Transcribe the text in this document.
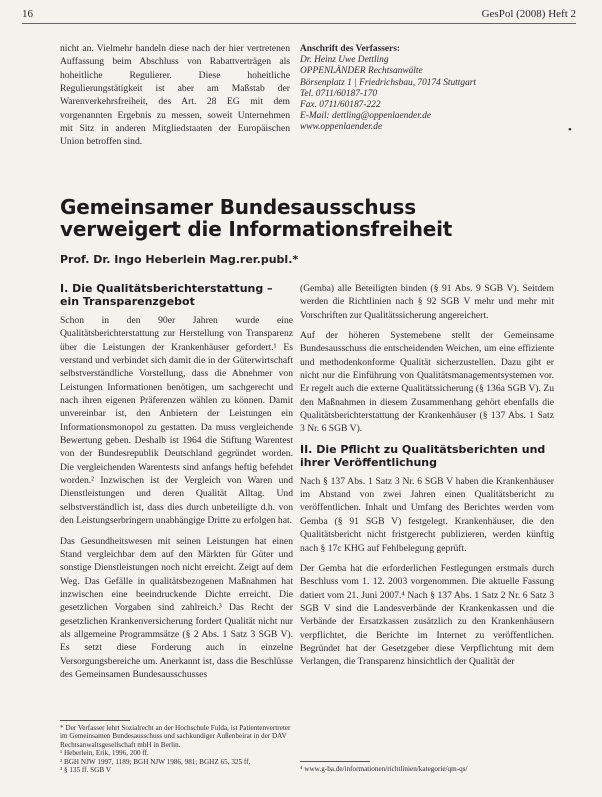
16	GesPol (2008) Heft 2

nicht an. Vielmehr handeln diese nach der hier vertretenen Auffassung beim Abschluss von Rabattverträgen als hoheitliche Regulierer. Diese hoheitliche Regulierungstätigkeit ist aber am Maßstab der Warenverkehrsfreiheit, des Art. 28 EG mit dem vorgenannten Ergebnis zu messen, soweit Unternehmen mit Sitz in anderen Mitgliedstaaten der Europäischen Union betroffen sind.

Anschrift des Verfassers:
Dr. Heinz Uwe Dettling
OPPENLÄNDER Rechtsanwälte
Börsenplatz 1 | Friedrichsbau, 70174 Stuttgart
Tel. 0711/60187-170
Fax. 0711/60187-222
E-Mail: dettling@oppenlaender.de
www.oppenlaender.de	•
Gemeinsamer Bundesausschuss verweigert die Informationsfreiheit
Prof. Dr. Ingo Heberlein Mag.rer.publ.*
I. Die Qualitätsberichterstattung – ein Transparenzgebot

Schon in den 90er Jahren wurde eine Qualitätsberichterstattung zur Herstellung von Transparenz über die Leistungen der Krankenhäuser gefordert.¹ Es verstand und verbindet sich damit die in der Güterwirtschaft selbstverständliche Vorstellung, dass die Abnehmer von Leistungen Informationen benötigen, um sachgerecht und nach ihren eigenen Präferenzen wählen zu können. Damit unvereinbar ist, den Anbietern der Leistungen ein Informationsmonopol zu gestatten. Da muss vergleichende Bewertung geben. Deshalb ist 1964 die Stiftung Warentest von der Bundesrepublik Deutschland gegründet worden. Die vergleichenden Warentests sind anfangs heftig befehdet worden.² Inzwischen ist der Vergleich von Waren und Dienstleistungen und deren Qualität Alltag. Und selbstverständlich ist, dass dies durch unbeteiligte d.h. von den Leistungserbringern unabhängige Dritte zu erfolgen hat.

Das Gesundheitswesen mit seinen Leistungen hat einen Stand vergleichbar dem auf den Märkten für Güter und sonstige Dienstleistungen noch nicht erreicht. Zeigt auf dem Weg. Das Gefälle in qualitätsbezogenen Maßnahmen hat inzwischen eine beeindruckende Dichte erreicht. Die gesetzlichen Vorgaben sind zahlreich.³ Das Recht der gesetzlichen Krankenversicherung fordert Qualität nicht nur als allgemeine Programmsätze (§ 2 Abs. 1 Satz 3 SGB V). Es setzt diese Forderung auch in einzelne Versorgungsbereiche um. Anerkannt ist, dass die Beschlüsse des Gemeinsamen Bundesausschusses

(Gemba) alle Beteiligten binden (§ 91 Abs. 9 SGB V). Seitdem werden die Richtlinien nach § 92 SGB V mehr und mehr mit Vorschriften zur Qualitätssicherung angereichert.

Auf der höheren Systemebene stellt der Gemeinsame Bundesausschuss die entscheidenden Weichen, um eine effiziente und methodenkonforme Qualität sicherzustellen. Dazu gibt er nicht nur die Einführung von Qualitätsmanagementsystemen vor. Er regelt auch die externe Qualitätssicherung (§ 136a SGB V). Zu den Maßnahmen in diesem Zusammenhang gehört ebenfalls die Qualitätsberichterstattung der Krankenhäuser (§ 137 Abs. 1 Satz 3 Nr. 6 SGB V).

II. Die Pflicht zu Qualitätsberichten und ihrer Veröffentlichung

Nach § 137 Abs. 1 Satz 3 Nr. 6 SGB V haben die Krankenhäuser im Abstand von zwei Jahren einen Qualitätsbericht zu veröffentlichen. Inhalt und Umfang des Berichtes werden vom Gemba (§ 91 SGB V) festgelegt. Krankenhäuser, die den Qualitätsbericht nicht fristgerecht publizieren, werden künftig nach § 17c KHG auf Fehlbelegung geprüft.

Der Gemba hat die erforderlichen Festlegungen erstmals durch Beschluss vom 1. 12. 2003 vorgenommen. Die aktuelle Fassung datiert vom 21. Juni 2007.⁴ Nach § 137 Abs. 1 Satz 2 Nr. 6 Satz 3 SGB V sind die Landesverbände der Krankenkassen und die Verbände der Ersatzkassen zusätzlich zu den Krankenhäusern verpflichtet, die Berichte im Internet zu veröffentlichen. Begründet hat der Gesetzgeber diese Verpflichtung mit dem Verlangen, die Transparenz hinsichtlich der Qualität der

* Der Verfasser lehrt Sozialrecht an der Hochschule Fulda, ist Patientenvertreter im Gemeinsamen Bundesausschuss und sachkundiger Außenbeirat in der DAV Rechtsanwaltsgesellschaft mbH in Berlin.
¹ Heberlein, Erik, 1996, 200 ff.
² BGH NJW 1997, 1189; BGH NJW 1986, 981; BGHZ 65, 325 ff.
³ § 135 ff. SGB V	⁴ www.g-ba.de/informationen/richtlinien/kategorie/qm-qs/
